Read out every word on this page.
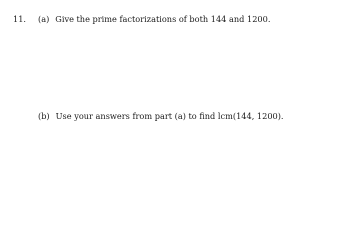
11. (a) Give the prime factorizations of both 144 and 1200.
(b) Use your answers from part (a) to find lcm(144, 1200).
